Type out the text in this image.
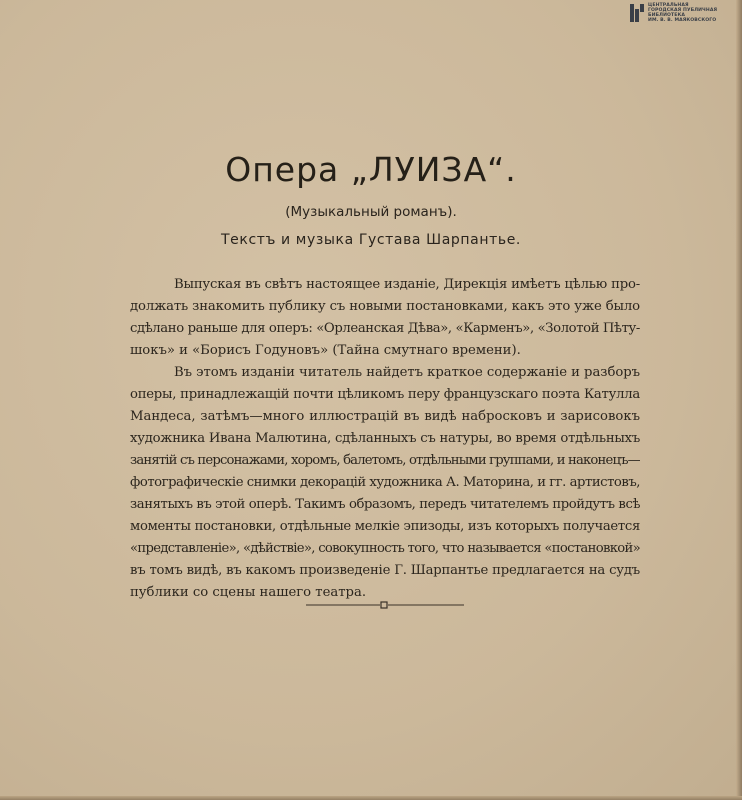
ЦЕНТРАЛЬНАЯ
ГОРОДСКАЯ ПУБЛИЧНАЯ
БИБЛИОТЕКА
ИМ. В. В. МАЯКОВСКОГО
Опера „ЛУИЗА“.
(Музыкальный романъ).
Текстъ и музыка Густава Шарпантье.
Выпуская въ свѣтъ настоящее изданiе, Дирекцiя имѣетъ цѣлью про-
должать знакомить публику съ новыми постановками, какъ это уже было
сдѣлано раньше для оперъ: «Орлеанская Дѣва», «Карменъ», «Золотой Пѣту-
шокъ» и «Борисъ Годуновъ» (Тайна смутнаго времени).
Въ этомъ изданiи читатель найдетъ краткое содержанiе и разборъ
оперы, принадлежащiй почти цѣликомъ перу французскаго поэта Катулла
Мандеса, затѣмъ—много иллюстрацiй въ видѣ набросковъ и зарисовокъ
художника Ивана Малютина, сдѣланныхъ съ натуры, во время отдѣльныхъ
занятiй съ персонажами, хоромъ, балетомъ, отдѣльными группами, и наконецъ—
фотографическiе снимки декорацiй художника А. Маторина, и гг. артистовъ,
занятыхъ въ этой оперѣ. Такимъ образомъ, передъ читателемъ пройдутъ всѣ
моменты постановки, отдѣльные мелкiе эпизоды, изъ которыхъ получается
«представленiе», «дѣйствiе», совокупность того, что называется «постановкой»
въ томъ видѣ, въ какомъ произведенiе Г. Шарпантье предлагается на судъ
публики со сцены нашего театра.
